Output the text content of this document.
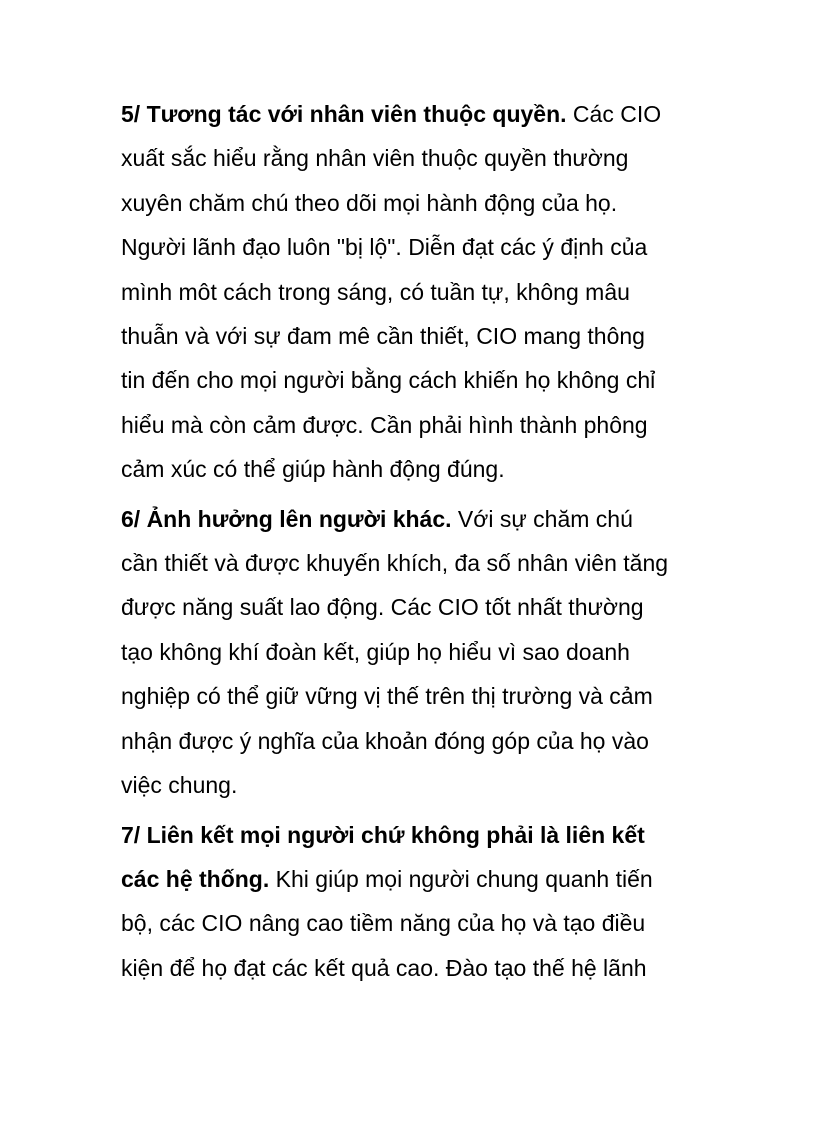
5/ Tương tác với nhân viên thuộc quyền. Các CIO
xuất sắc hiểu rằng nhân viên thuộc quyền thường
xuyên chăm chú theo dõi mọi hành động của họ.
Người lãnh đạo luôn "bị lộ". Diễn đạt các ý định của
mình môt cách trong sáng, có tuần tự, không mâu
thuẫn và với sự đam mê cần thiết, CIO mang thông
tin đến cho mọi người bằng cách khiến họ không chỉ
hiểu mà còn cảm được. Cần phải hình thành phông
cảm xúc có thể giúp hành động đúng.

6/ Ảnh hưởng lên người khác. Với sự chăm chú
cần thiết và được khuyến khích, đa số nhân viên tăng
được năng suất lao động. Các CIO tốt nhất thường
tạo không khí đoàn kết, giúp họ hiểu vì sao doanh
nghiệp có thể giữ vững vị thế trên thị trường và cảm
nhận được ý nghĩa của khoản đóng góp của họ vào
việc chung.

7/ Liên kết mọi người chứ không phải là liên kết
các hệ thống. Khi giúp mọi người chung quanh tiến
bộ, các CIO nâng cao tiềm năng của họ và tạo điều
kiện để họ đạt các kết quả cao. Đào tạo thế hệ lãnh
